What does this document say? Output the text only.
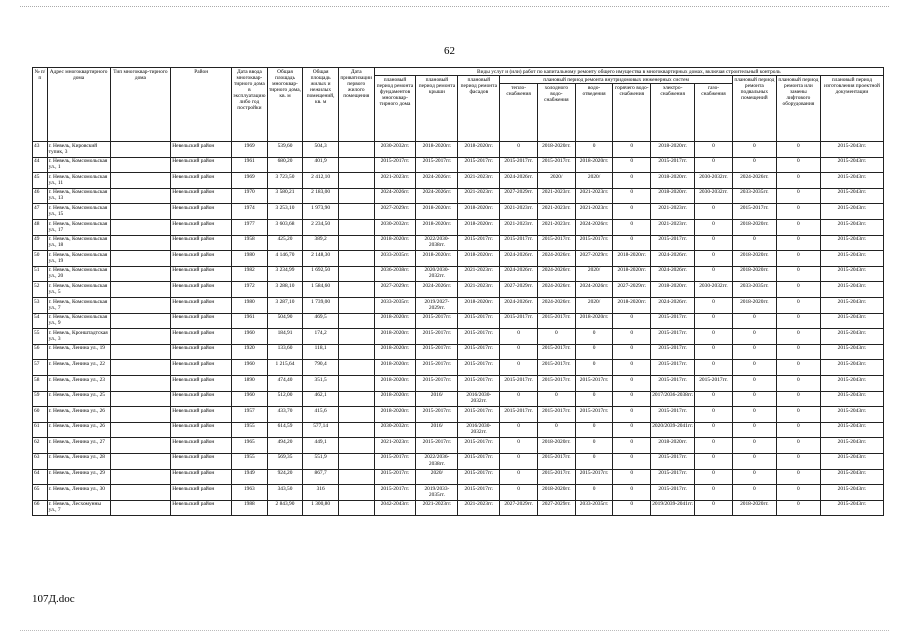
62
№ п/п	Адрес многоквартирного дома	Тип многоквар-тирного дома	Район	Дата ввода многоквар-тирного дома в эксплуатацию либо год постройки	Общая площадь многоквар-тирного дома, кв. м	Общая площадь жилых и нежилых помещений, кв. м	Дата приватизации первого жилого помещения	Виды услуг и (или) работ по капитальному ремонту общего имущества в многоквартирных домах, включая строительный контроль											
								плановый период ремонта фундаментов многоквар-тирного дома	плановый период ремонта крыши	плановый период ремонта фасадов	плановый период ремонта внутридомовых инженерных систем						плановый период ремонта подвальных помещений	плановый период ремонта или замены лифтового оборудования	плановый период изготовления проектной документации
											тепло-снабжения	холодного водо-снабжения	водо-отведения	горячего водо-снабжения	электро-снабжения	газо-снабжения			
43	г. Невель, Кировский тупик, 3		Невельский район	1969	539,60	504,3		2030-2032гг.	2018-2020гг.	2018-2020гг.	0	2018-2020гг.	0	0	2018-2020гг.	0	0	0	2015-2043гг.
44	г. Невель, Комсомольская ул., 1		Невельский район	1961	680,20	401,9		2015-2017гг.	2015-2017гг.	2015-2017гг.	2015-2017гг.	2015-2017гг.	2018-2020гг.	0	2015-2017гг.	0	0	0	2015-2043гг.
45	г. Невель, Комсомольская ул., 11		Невельский район	1969	3 723,50	2 412,10		2021-2023гг.	2024-2026гг.	2021-2023гг.	2024-2026гг.	2020/	2020/	0	2018-2020гг.	2030-2032гг.	2024-2026гг.	0	2015-2043гг.
46	г. Невель, Комсомольская ул., 13		Невельский район	1970	3 580,21	2 183,00		2024-2026гг.	2024-2026гг.	2021-2023гг.	2027-2029гг.	2021-2023гг.	2021-2023гг.	0	2018-2020гг.	2030-2032гг.	2033-2035гг.	0	2015-2043гг.
47	г. Невель, Комсомольская ул., 15		Невельский район	1974	3 253,10	1 973,90		2027-2029гг.	2018-2020гг.	2018-2020гг.	2021-2023гг.	2021-2023гг.	2021-2023гг.	0	2021-2023гг.	0	2015-2017гг.	0	2015-2043гг.
48	г. Невель, Комсомольская ул., 17		Невельский район	1977	3 603,68	2 234,50		2030-2032гг.	2018-2020гг.	2018-2020гг.	2021-2023гг.	2021-2023гг.	2024-2026гг.	0	2021-2023гг.	0	2018-2020гг.	0	2015-2043гг.
49	г. Невель, Комсомольская ул., 18		Невельский район	1958	425,20	389,2		2018-2020гг.	2022/2030-2038гг.	2015-2017гг.	2015-2017гг.	2015-2017гг.	2015-2017гг.	0	2015-2017гг.	0	0	0	2015-2043гг.
50	г. Невель, Комсомольская ул., 19		Невельский район	1980	4 146,70	2 148,30		2033-2035гг.	2018-2020гг.	2018-2020гг.	2024-2026гг.	2024-2026гг.	2027-2029гг.	2018-2020гг.	2024-2026гг.	0	2018-2020гг.	0	2015-2043гг.
51	г. Невель, Комсомольская ул., 20		Невельский район	1982	3 234,99	1 692,50		2036-2038гг.	2020/2030-2032гг.	2021-2023гг.	2024-2026гг.	2024-2026гг.	2020/	2018-2020гг.	2024-2026гг.	0	2018-2020гг.	0	2015-2043гг.
52	г. Невель, Комсомольская ул., 5		Невельский район	1972	3 288,10	1 584,60		2027-2029гг.	2024-2026гг.	2021-2023гг.	2027-2029гг.	2024-2026гг.	2024-2026гг.	2027-2029гг.	2018-2020гг.	2030-2032гг.	2033-2035гг.	0	2015-2043гг.
53	г. Невель, Комсомольская ул., 7		Невельский район	1980	3 287,10	1 739,00		2033-2035гг.	2019/2027-2029гг.	2018-2020гг.	2024-2026гг.	2024-2026гг.	2020/	2018-2020гг.	2024-2026гг.	0	2018-2020гг.	0	2015-2043гг.
54	г. Невель, Комсомольская ул., 9		Невельский район	1961	504,90	469,5		2018-2020гг.	2015-2017гг.	2015-2017гг.	2015-2017гг.	2015-2017гг.	2018-2020гг.	0	2015-2017гг.	0	0	0	2015-2043гг.
55	г. Невель, Кронштадтская ул., 3		Невельский район	1960	184,91	174,2		2018-2020гг.	2015-2017гг.	2015-2017гг.	0	0	0	0	2015-2017гг.	0	0	0	2015-2043гг.
56	г. Невель, Ленина ул., 19		Невельский район	1920	133,60	118,1		2018-2020гг.	2015-2017гг.	2015-2017гг.	0	2015-2017гг.	0	0	2015-2017гг.	0	0	0	2015-2043гг.
57	г. Невель, Ленина ул., 22		Невельский район	1960	1 215,64	790,4		2018-2020гг.	2015-2017гг.	2015-2017гг.	0	2015-2017гг.	0	0	2015-2017гг.	0	0	0	2015-2043гг.
58	г. Невель, Ленина ул., 23		Невельский район	1890	474,40	351,5		2018-2020гг.	2015-2017гг.	2015-2017гг.	2015-2017гг.	2015-2017гг.	2015-2017гг.	0	2015-2017гг.	2015-2017гг.	0	0	2015-2043гг.
59	г. Невель, Ленина ул., 25		Невельский район	1960	512,00	462,1		2018-2020гг.	2016/	2016/2030-2032гг.	0	0	0	0	2017/2036-2038гг.	0	0	0	2015-2043гг.
60	г. Невель, Ленина ул., 26		Невельский район	1957	433,70	415,6		2018-2020гг.	2015-2017гг.	2015-2017гг.	2015-2017гг.	2015-2017гг.	2015-2017гг.	0	2015-2017гг.	0	0	0	2015-2043гг.
61	г. Невель, Ленина ул., 26		Невельский район	1955	614,59	577,14		2030-2032гг.	2016/	2016/2030-2032гг.	0	0	0	0	2020/2039-2041гг.	0	0	0	2015-2043гг.
62	г. Невель, Ленина ул., 27		Невельский район	1965	494,20	449,1		2021-2023гг.	2015-2017гг.	2015-2017гг.	0	2018-2020гг.	0	0	2018-2020гг.	0	0	0	2015-2043гг.
63	г. Невель, Ленина ул., 28		Невельский район	1955	569,35	551,9		2015-2017гг.	2022/2036-2038гг.	2015-2017гг.	0	2015-2017гг.	0	0	2015-2017гг.	0	0	0	2015-2043гг.
64	г. Невель, Ленина ул., 29		Невельский район	1949	924,20	867,7		2015-2017гг.	2020/	2015-2017гг.	0	2015-2017гг.	2015-2017гг.	0	2015-2017гг.	0	0	0	2015-2043гг.
65	г. Невель, Ленина ул., 30		Невельский район	1963	343,50	316		2015-2017гг.	2019/2033-2035гг.	2015-2017гг.	0	2018-2020гг.	0	0	2015-2017гг.	0	0	0	2015-2043гг.
66	г. Невель, Лесхомунны ул., 7		Невельский район	1988	2 843,90	1 300,80		2042-2043гг.	2021-2023гг.	2021-2023гг.	2027-2029гг.	2027-2029гг.	2033-2035гг.	0	2019/2039-2041гг.	0	2018-2020гг.	0	2015-2043гг.
107Д.doc
